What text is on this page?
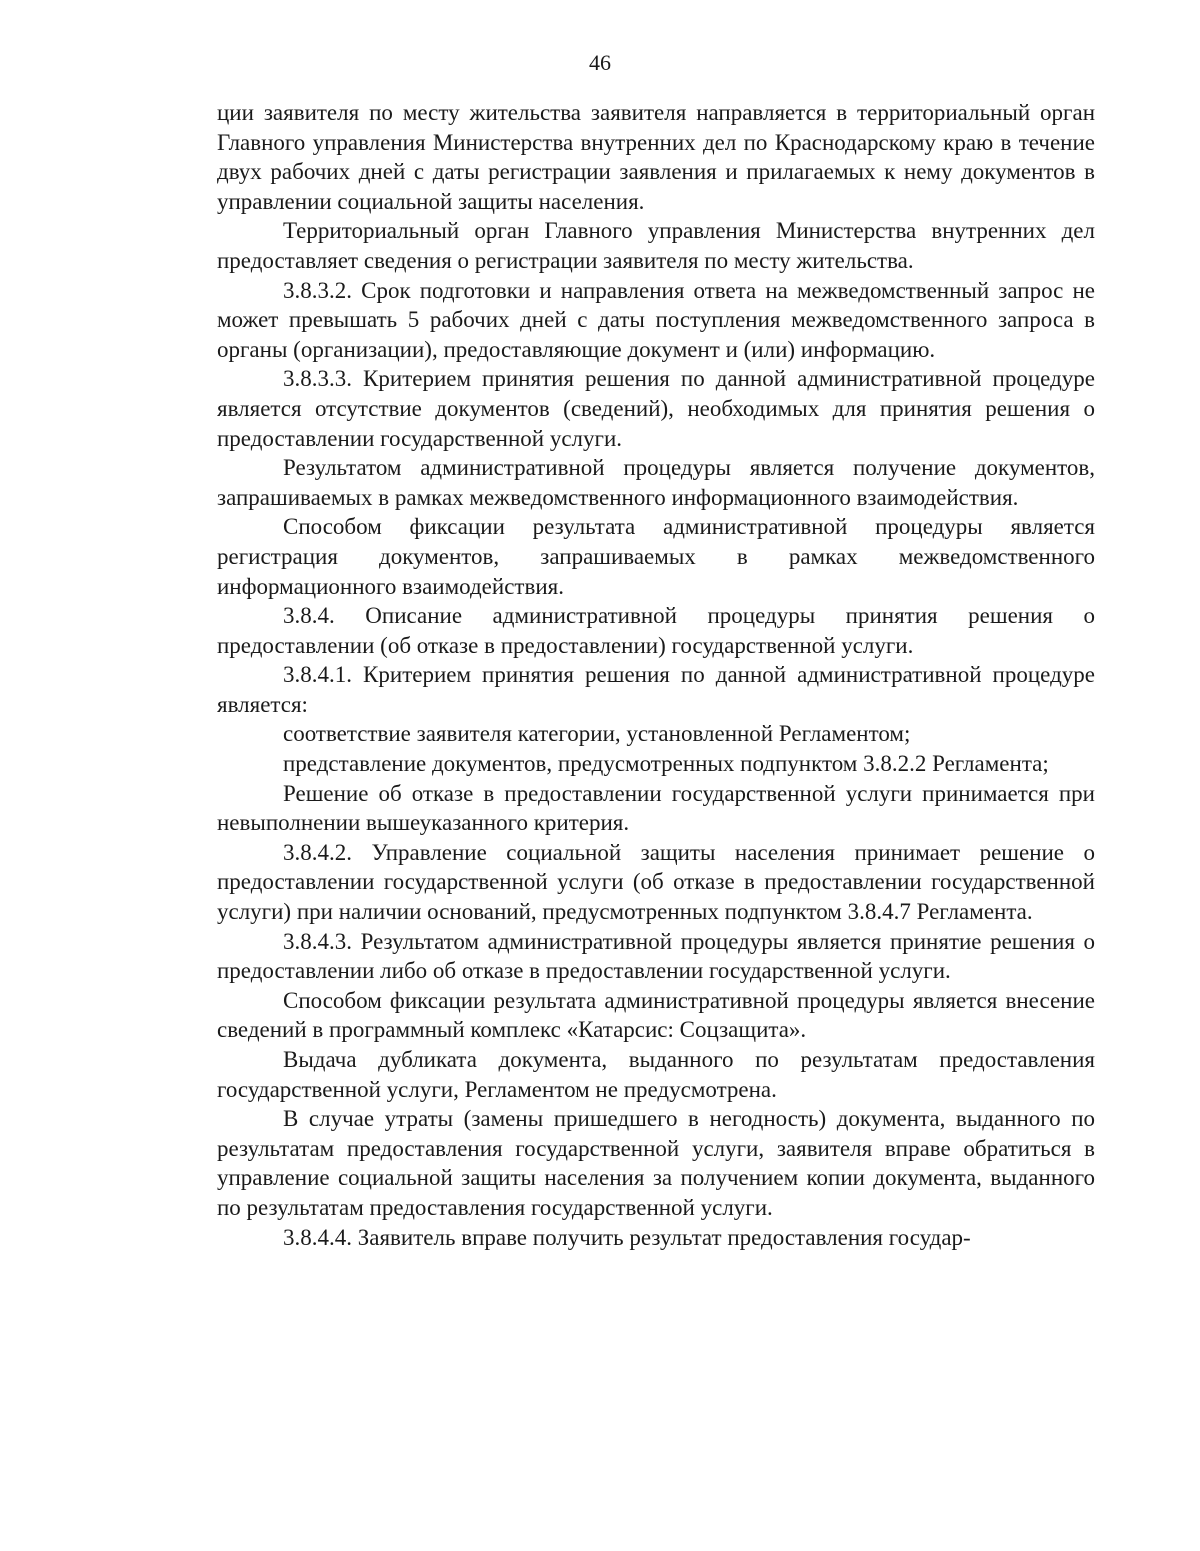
46

ции заявителя по месту жительства заявителя направляется в территориальный орган Главного управления Министерства внутренних дел по Краснодарскому краю в течение двух рабочих дней с даты регистрации заявления и прилагаемых к нему документов в управлении социальной защиты населения.

Территориальный орган Главного управления Министерства внутренних дел предоставляет сведения о регистрации заявителя по месту жительства.

3.8.3.2. Срок подготовки и направления ответа на межведомственный запрос не может превышать 5 рабочих дней с даты поступления межведомственного запроса в органы (организации), предоставляющие документ и (или) информацию.

3.8.3.3. Критерием принятия решения по данной административной процедуре является отсутствие документов (сведений), необходимых для принятия решения о предоставлении государственной услуги.

Результатом административной процедуры является получение документов, запрашиваемых в рамках межведомственного информационного взаимодействия.

Способом фиксации результата административной процедуры является регистрация документов, запрашиваемых в рамках межведомственного информационного взаимодействия.

3.8.4. Описание административной процедуры принятия решения о предоставлении (об отказе в предоставлении) государственной услуги.

3.8.4.1. Критерием принятия решения по данной административной процедуре является:

соответствие заявителя категории, установленной Регламентом;

представление документов, предусмотренных подпунктом 3.8.2.2 Регламента;

Решение об отказе в предоставлении государственной услуги принимается при невыполнении вышеуказанного критерия.

3.8.4.2. Управление социальной защиты населения принимает решение о предоставлении государственной услуги (об отказе в предоставлении государственной услуги) при наличии оснований, предусмотренных подпунктом 3.8.4.7 Регламента.

3.8.4.3. Результатом административной процедуры является принятие решения о предоставлении либо об отказе в предоставлении государственной услуги.

Способом фиксации результата административной процедуры является внесение сведений в программный комплекс «Катарсис: Соцзащита».

Выдача дубликата документа, выданного по результатам предоставления государственной услуги, Регламентом не предусмотрена.

В случае утраты (замены пришедшего в негодность) документа, выданного по результатам предоставления государственной услуги, заявителя вправе обратиться в управление социальной защиты населения за получением копии документа, выданного по результатам предоставления государственной услуги.

3.8.4.4. Заявитель вправе получить результат предоставления государ-
